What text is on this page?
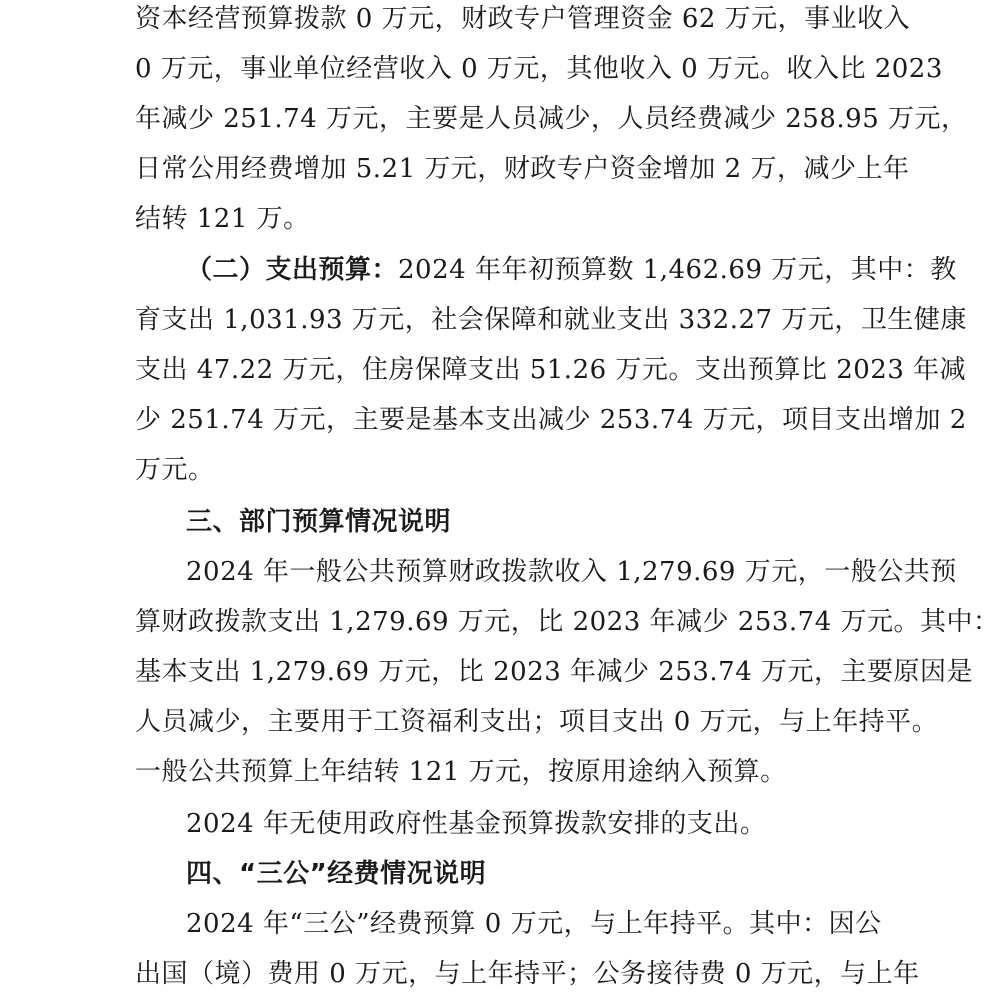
资本经营预算拨款 0 万元，财政专户管理资金 62 万元，事业收入

0 万元，事业单位经营收入 0 万元，其他收入 0 万元。收入比 2023

年减少 251.74 万元，主要是人员减少，人员经费减少 258.95 万元，

日常公用经费增加 5.21 万元，财政专户资金增加 2 万，减少上年

结转 121 万。

（二）支出预算：2024 年年初预算数 1,462.69 万元，其中：教

育支出 1,031.93 万元，社会保障和就业支出 332.27 万元，卫生健康

支出 47.22 万元，住房保障支出 51.26 万元。支出预算比 2023 年减

少 251.74 万元，主要是基本支出减少 253.74 万元，项目支出增加 2

万元。

三、部门预算情况说明

2024 年一般公共预算财政拨款收入 1,279.69 万元，一般公共预

算财政拨款支出 1,279.69 万元，比 2023 年减少 253.74 万元。其中：

基本支出 1,279.69 万元，比 2023 年减少 253.74 万元，主要原因是

人员减少，主要用于工资福利支出；项目支出 0 万元，与上年持平。

一般公共预算上年结转 121 万元，按原用途纳入预算。

2024 年无使用政府性基金预算拨款安排的支出。

四、“三公”经费情况说明

2024 年“三公”经费预算 0 万元，与上年持平。其中：因公

出国（境）费用 0 万元，与上年持平；公务接待费 0 万元，与上年
